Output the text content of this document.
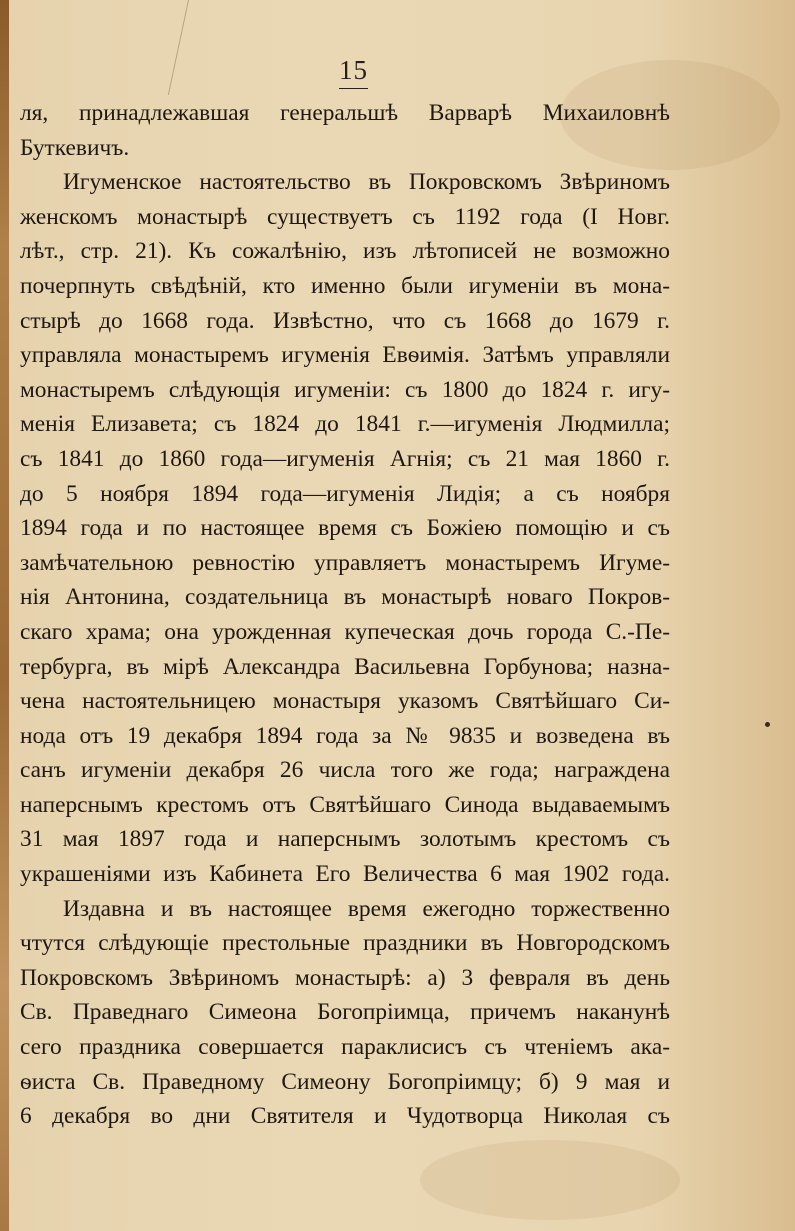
15
ля, принадлежавшая генеральшѣ Варварѣ Михаиловнѣ
Буткевичъ.
Игуменское настоятельство въ Покровскомъ Звѣриномъ
женскомъ монастырѣ существуетъ съ 1192 года (I Новг.
лѣт., стр. 21). Къ сожалѣнію, изъ лѣтописей не возможно
почерпнуть свѣдѣній, кто именно были игуменіи въ мона-
стырѣ до 1668 года. Извѣстно, что съ 1668 до 1679 г.
управляла монастыремъ игуменія Евѳимія. Затѣмъ управляли
монастыремъ слѣдующія игуменіи: съ 1800 до 1824 г. игу-
менія Елизавета; съ 1824 до 1841 г.—игуменія Людмилла;
съ 1841 до 1860 года—игуменія Агнія; съ 21 мая 1860 г.
до 5 ноября 1894 года—игуменія Лидія; а съ ноября
1894 года и по настоящее время съ Божіею помощію и съ
замѣчательною ревностію управляетъ монастыремъ Игуме-
нія Антонина, создательница въ монастырѣ новаго Покров-
скаго храма; она урожденная купеческая дочь города С.-Пе-
тербурга, въ мірѣ Александра Васильевна Горбунова; назна-
чена настоятельницею монастыря указомъ Святѣйшаго Си-
нода отъ 19 декабря 1894 года за № 9835 и возведена въ
санъ игуменіи декабря 26 числа того же года; награждена
наперснымъ крестомъ отъ Святѣйшаго Синода выдаваемымъ
31 мая 1897 года и наперснымъ золотымъ крестомъ съ
украшеніями изъ Кабинета Его Величества 6 мая 1902 года.
Издавна и въ настоящее время ежегодно торжественно
чтутся слѣдующіе престольные праздники въ Новгородскомъ
Покровскомъ Звѣриномъ монастырѣ: а) 3 февраля въ день
Св. Праведнаго Симеона Богопріимца, причемъ наканунѣ
сего праздника совершается параклисисъ съ чтеніемъ ака-
ѳиста Св. Праведному Симеону Богопріимцу; б) 9 мая и
6 декабря во дни Святителя и Чудотворца Николая съ
